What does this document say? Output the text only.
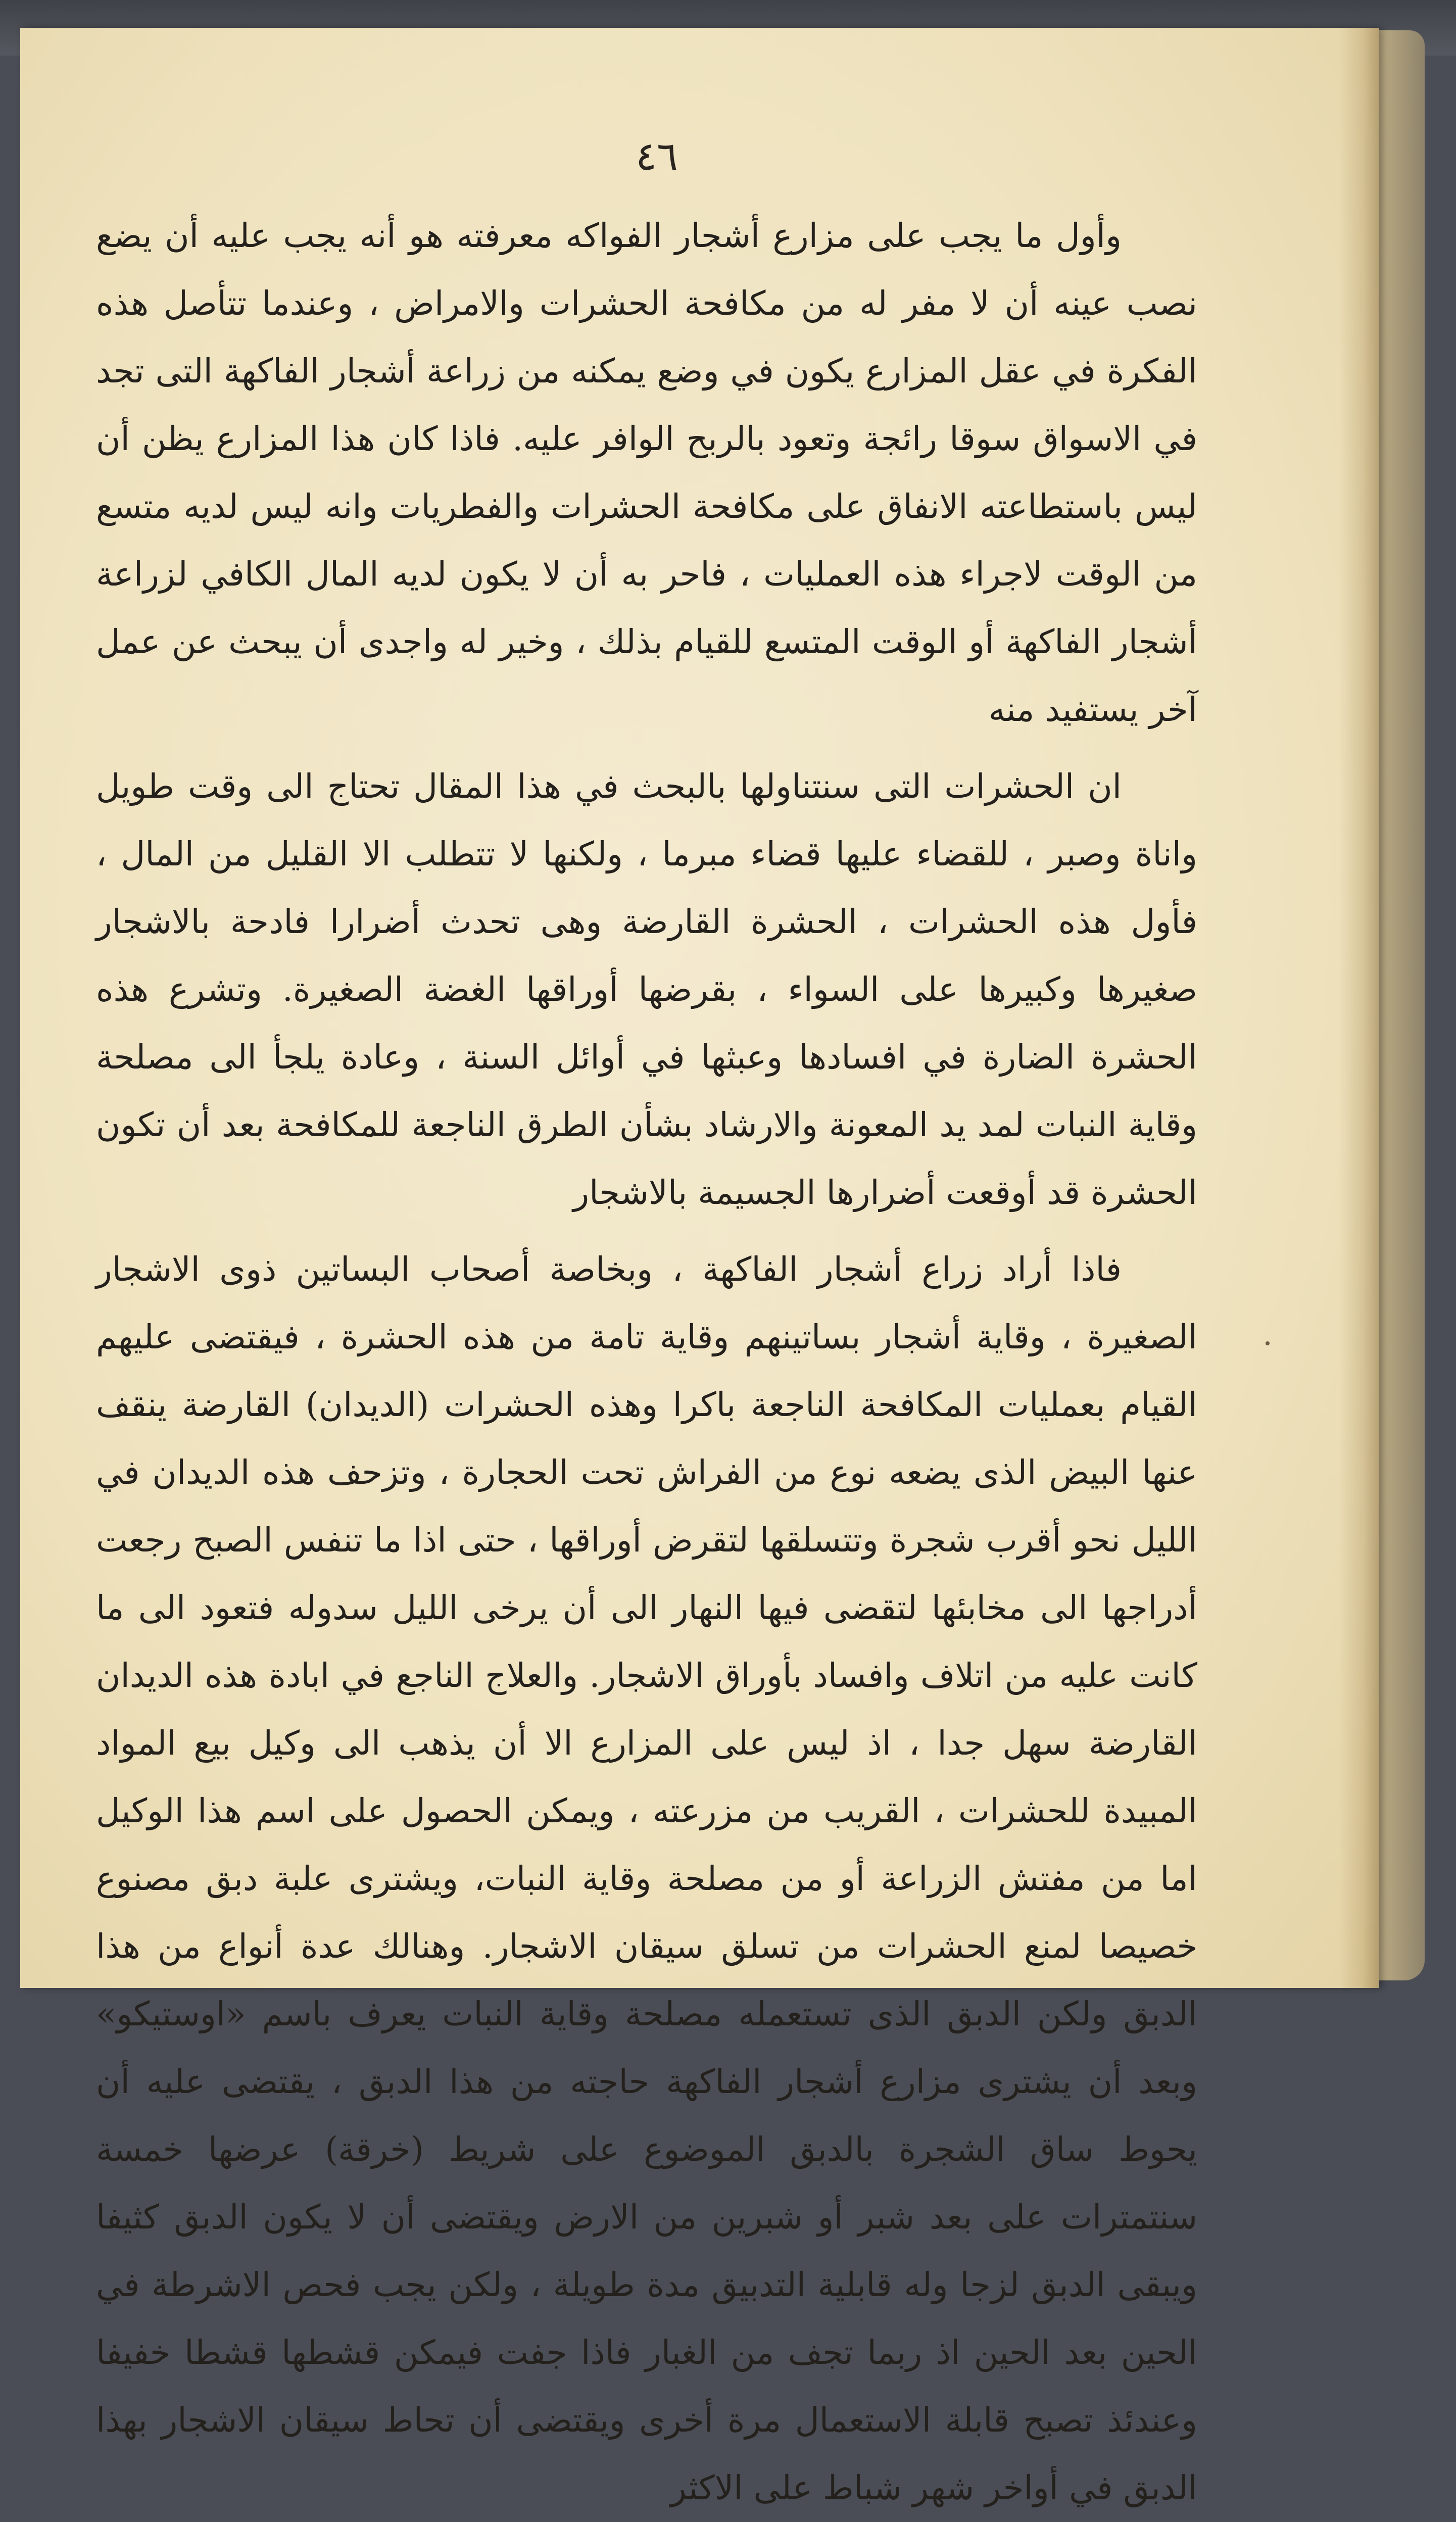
٤٦

وأول ما يجب على مزارع أشجار الفواكه معرفته هو أنه يجب عليه أن يضع نصب عينه أن لا مفر له من مكافحة الحشرات والامراض ، وعندما تتأصل هذه الفكرة في عقل المزارع يكون في وضع يمكنه من زراعة أشجار الفاكهة التى تجد في الاسواق سوقا رائجة وتعود بالربح الوافر عليه. فاذا كان هذا المزارع يظن أن ليس باستطاعته الانفاق على مكافحة الحشرات والفطريات وانه ليس لديه متسع من الوقت لاجراء هذه العمليات ، فاحر به أن لا يكون لديه المال الكافي لزراعة أشجار الفاكهة أو الوقت المتسع للقيام بذلك ، وخير له واجدى أن يبحث عن عمل آخر يستفيد منه

ان الحشرات التى سنتناولها بالبحث في هذا المقال تحتاج الى وقت طويل واناة وصبر ، للقضاء عليها قضاء مبرما ، ولكنها لا تتطلب الا القليل من المال ، فأول هذه الحشرات ، الحشرة القارضة وهى تحدث أضرارا فادحة بالاشجار صغيرها وكبيرها على السواء ، بقرضها أوراقها الغضة الصغيرة. وتشرع هذه الحشرة الضارة في افسادها وعبثها في أوائل السنة ، وعادة يلجأ الى مصلحة وقاية النبات لمد يد المعونة والارشاد بشأن الطرق الناجعة للمكافحة بعد أن تكون الحشرة قد أوقعت أضرارها الجسيمة بالاشجار

فاذا أراد زراع أشجار الفاكهة ، وبخاصة أصحاب البساتين ذوى الاشجار الصغيرة ، وقاية أشجار بساتينهم وقاية تامة من هذه الحشرة ، فيقتضى عليهم القيام بعمليات المكافحة الناجعة باكرا وهذه الحشرات (الديدان) القارضة ينقف عنها البيض الذى يضعه نوع من الفراش تحت الحجارة ، وتزحف هذه الديدان في الليل نحو أقرب شجرة وتتسلقها لتقرض أوراقها ، حتى اذا ما تنفس الصبح رجعت أدراجها الى مخابئها لتقضى فيها النهار الى أن يرخى الليل سدوله فتعود الى ما كانت عليه من اتلاف وافساد بأوراق الاشجار. والعلاج الناجع في ابادة هذه الديدان القارضة سهل جدا ، اذ ليس على المزارع الا أن يذهب الى وكيل بيع المواد المبيدة للحشرات ، القريب من مزرعته ، ويمكن الحصول على اسم هذا الوكيل اما من مفتش الزراعة أو من مصلحة وقاية النبات، ويشترى علبة دبق مصنوع خصيصا لمنع الحشرات من تسلق سيقان الاشجار. وهنالك عدة أنواع من هذا الدبق ولكن الدبق الذى تستعمله مصلحة وقاية النبات يعرف باسم «اوستيكو» وبعد أن يشترى مزارع أشجار الفاكهة حاجته من هذا الدبق ، يقتضى عليه أن يحوط ساق الشجرة بالدبق الموضوع على شريط (خرقة) عرضها خمسة سنتمترات على بعد شبر أو شبرين من الارض ويقتضى أن لا يكون الدبق كثيفا ويبقى الدبق لزجا وله قابلية التدبيق مدة طويلة ، ولكن يجب فحص الاشرطة في الحين بعد الحين اذ ربما تجف من الغبار فاذا جفت فيمكن قشطها قشطا خفيفا وعندئذ تصبح قابلة الاستعمال مرة أخرى ويقتضى أن تحاط سيقان الاشجار بهذا الدبق في أواخر شهر شباط على الاكثر
